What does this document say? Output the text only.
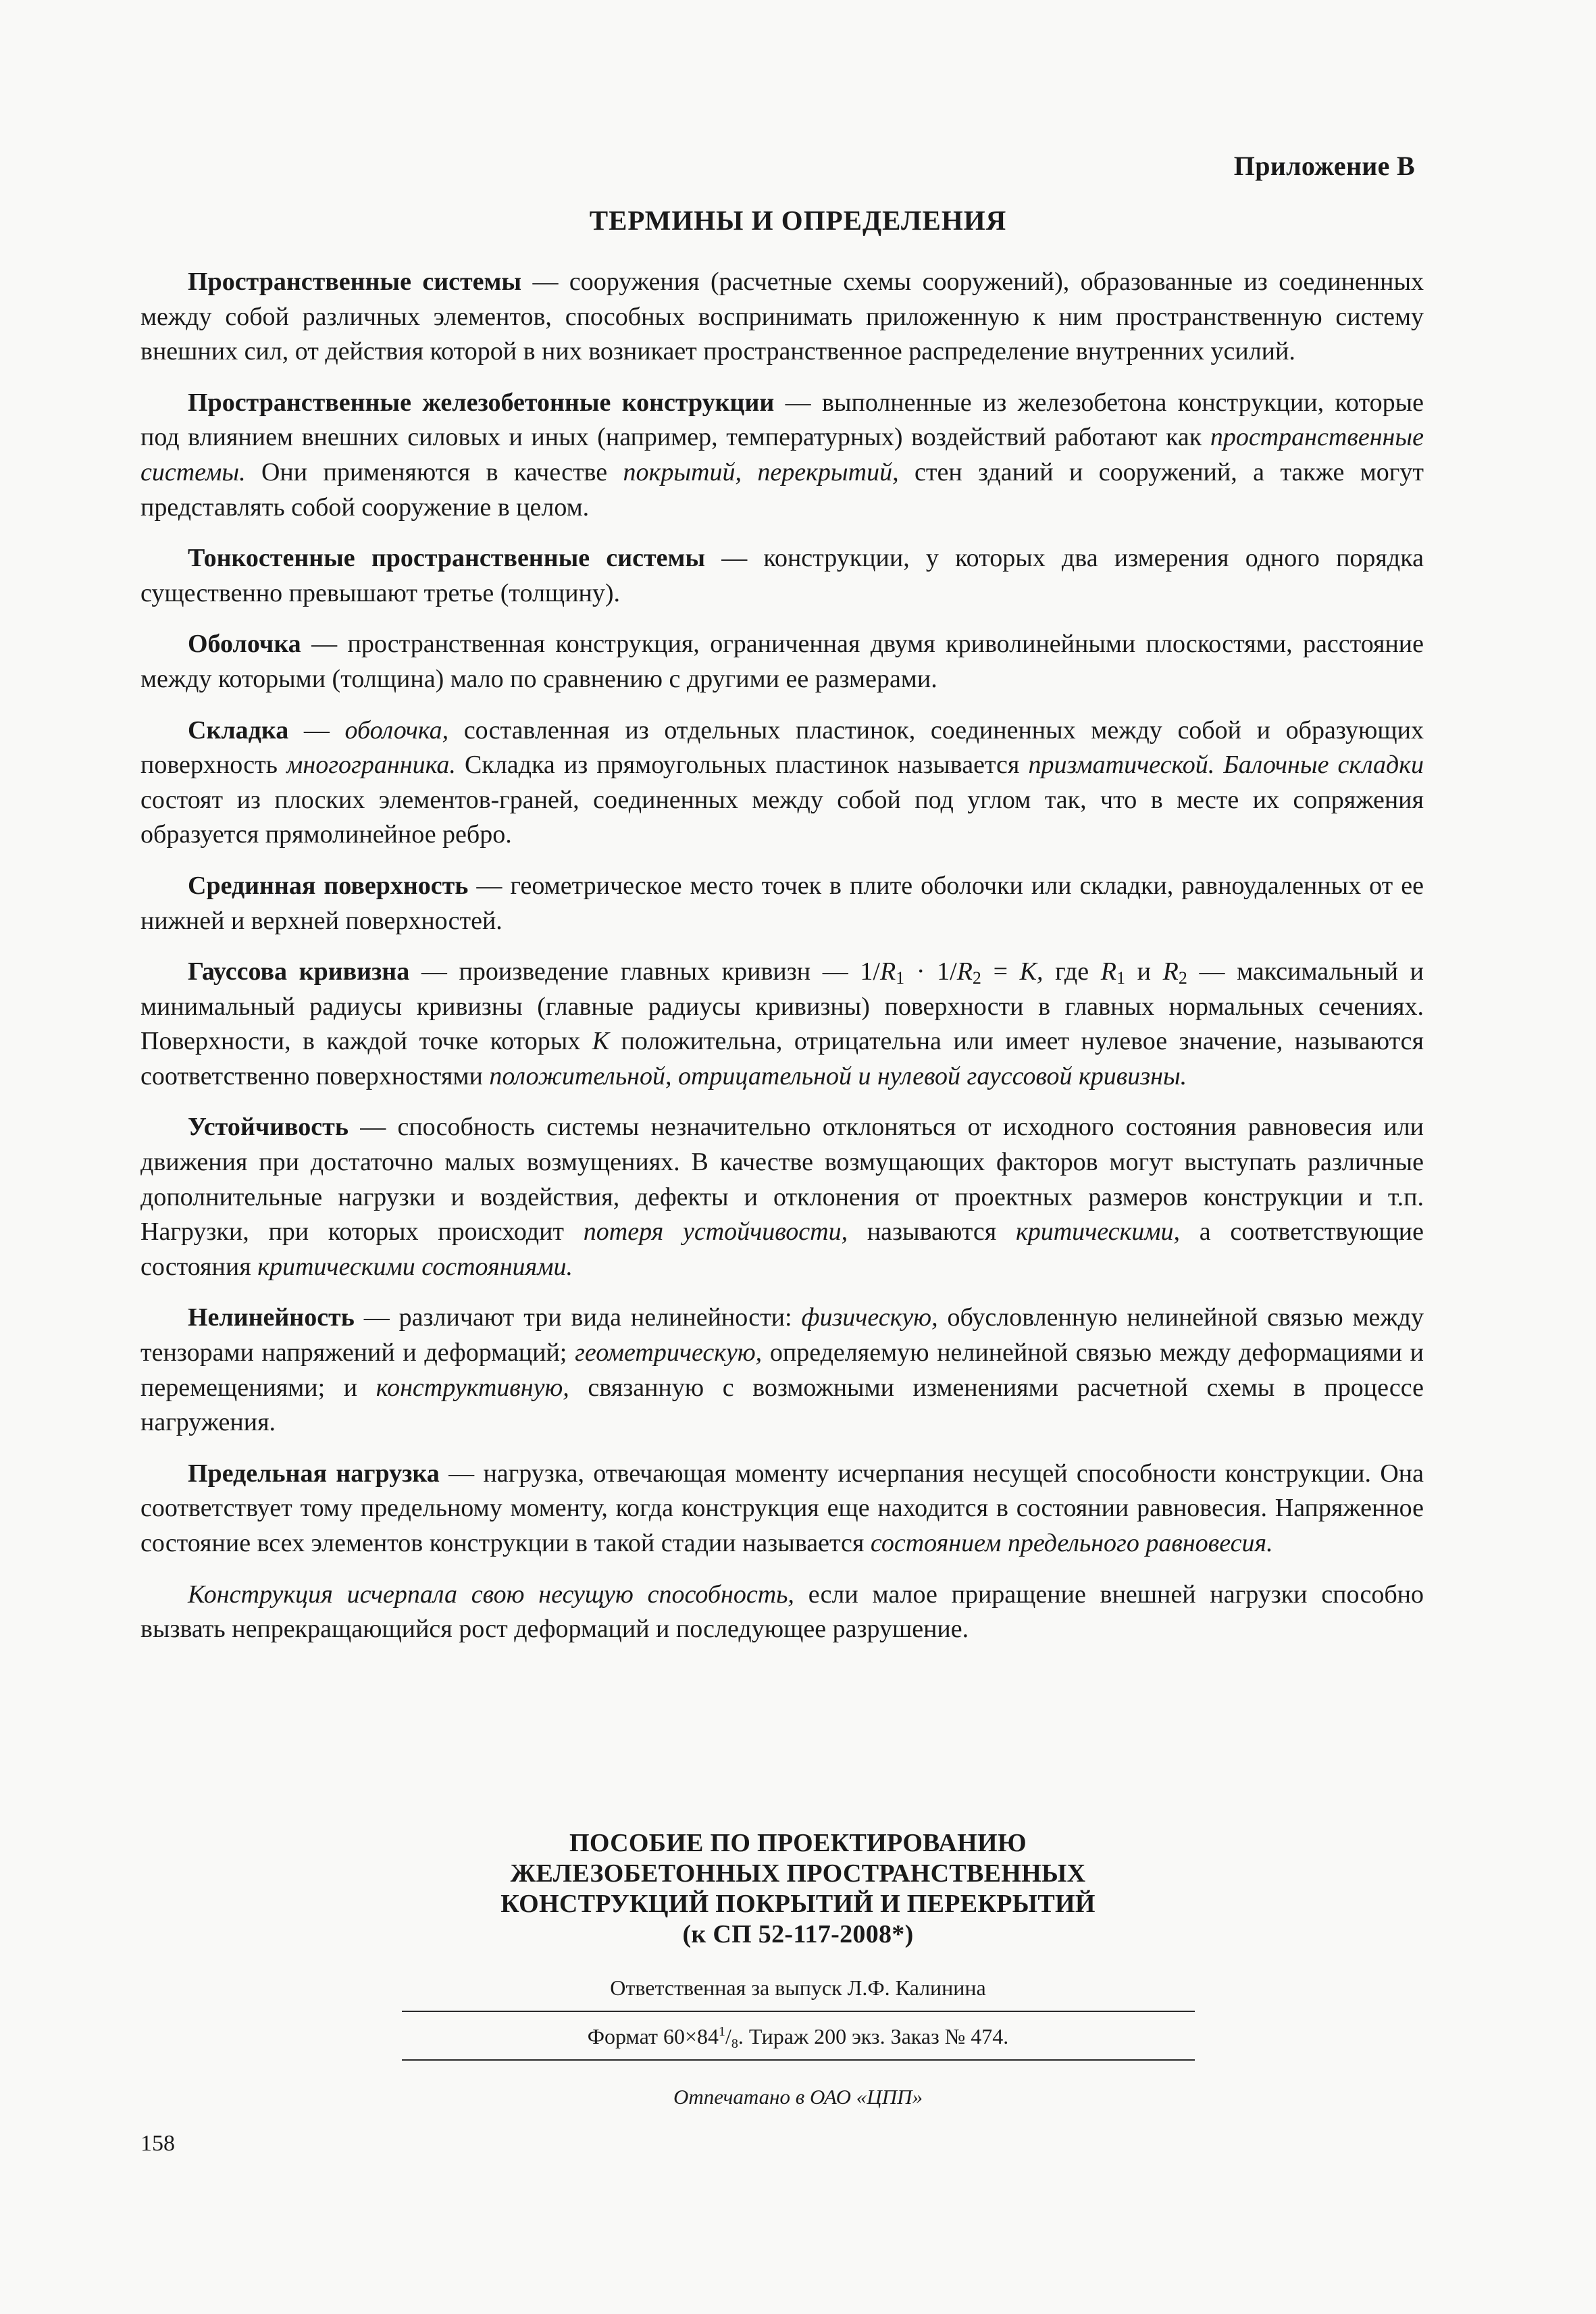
Приложение В
ТЕРМИНЫ И ОПРЕДЕЛЕНИЯ

Пространственные системы — сооружения (расчетные схемы сооружений), образованные из соединенных между собой различных элементов, способных воспринимать приложенную к ним пространственную систему внешних сил, от действия которой в них возникает пространственное распределение внутренних усилий.

Пространственные железобетонные конструкции — выполненные из железобетона конструкции, которые под влиянием внешних силовых и иных (например, температурных) воздействий работают как пространственные системы. Они применяются в качестве покрытий, перекрытий, стен зданий и сооружений, а также могут представлять собой сооружение в целом.

Тонкостенные пространственные системы — конструкции, у которых два измерения одного порядка существенно превышают третье (толщину).

Оболочка — пространственная конструкция, ограниченная двумя криволинейными плоскостями, расстояние между которыми (толщина) мало по сравнению с другими ее размерами.

Складка — оболочка, составленная из отдельных пластинок, соединенных между собой и образующих поверхность многогранника. Складка из прямоугольных пластинок называется призматической. Балочные складки состоят из плоских элементов-граней, соединенных между собой под углом так, что в месте их сопряжения образуется прямолинейное ребро.

Срединная поверхность — геометрическое место точек в плите оболочки или складки, равноудаленных от ее нижней и верхней поверхностей.

Гауссова кривизна — произведение главных кривизн — $1/R_1 \cdot 1/R_2 = K$, где $R_1$ и $R_2$ — максимальный и минимальный радиусы кривизны (главные радиусы кривизны) поверхности в главных нормальных сечениях. Поверхности, в каждой точке которых K положительна, отрицательна или имеет нулевое значение, называются соответственно поверхностями положительной, отрицательной и нулевой гауссовой кривизны.

Устойчивость — способность системы незначительно отклоняться от исходного состояния равновесия или движения при достаточно малых возмущениях. В качестве возмущающих факторов могут выступать различные дополнительные нагрузки и воздействия, дефекты и отклонения от проектных размеров конструкции и т.п. Нагрузки, при которых происходит потеря устойчивости, называются критическими, а соответствующие состояния критическими состояниями.

Нелинейность — различают три вида нелинейности: физическую, обусловленную нелинейной связью между тензорами напряжений и деформаций; геометрическую, определяемую нелинейной связью между деформациями и перемещениями; и конструктивную, связанную с возможными изменениями расчетной схемы в процессе нагружения.

Предельная нагрузка — нагрузка, отвечающая моменту исчерпания несущей способности конструкции. Она соответствует тому предельному моменту, когда конструкция еще находится в состоянии равновесия. Напряженное состояние всех элементов конструкции в такой стадии называется состоянием предельного равновесия.

Конструкция исчерпала свою несущую способность, если малое приращение внешней нагрузки способно вызвать непрекращающийся рост деформаций и последующее разрушение.

ПОСОБИЕ ПО ПРОЕКТИРОВАНИЮ
ЖЕЛЕЗОБЕТОННЫХ ПРОСТРАНСТВЕННЫХ
КОНСТРУКЦИЙ ПОКРЫТИЙ И ПЕРЕКРЫТИЙ
(к СП 52-117-2008*)
Ответственная за выпуск Л.Ф. Калинина
Формат $60\times 84^1/_8$. Тираж 200 экз. Заказ № 474.
Отпечатано в ОАО «ЦПП»
158
